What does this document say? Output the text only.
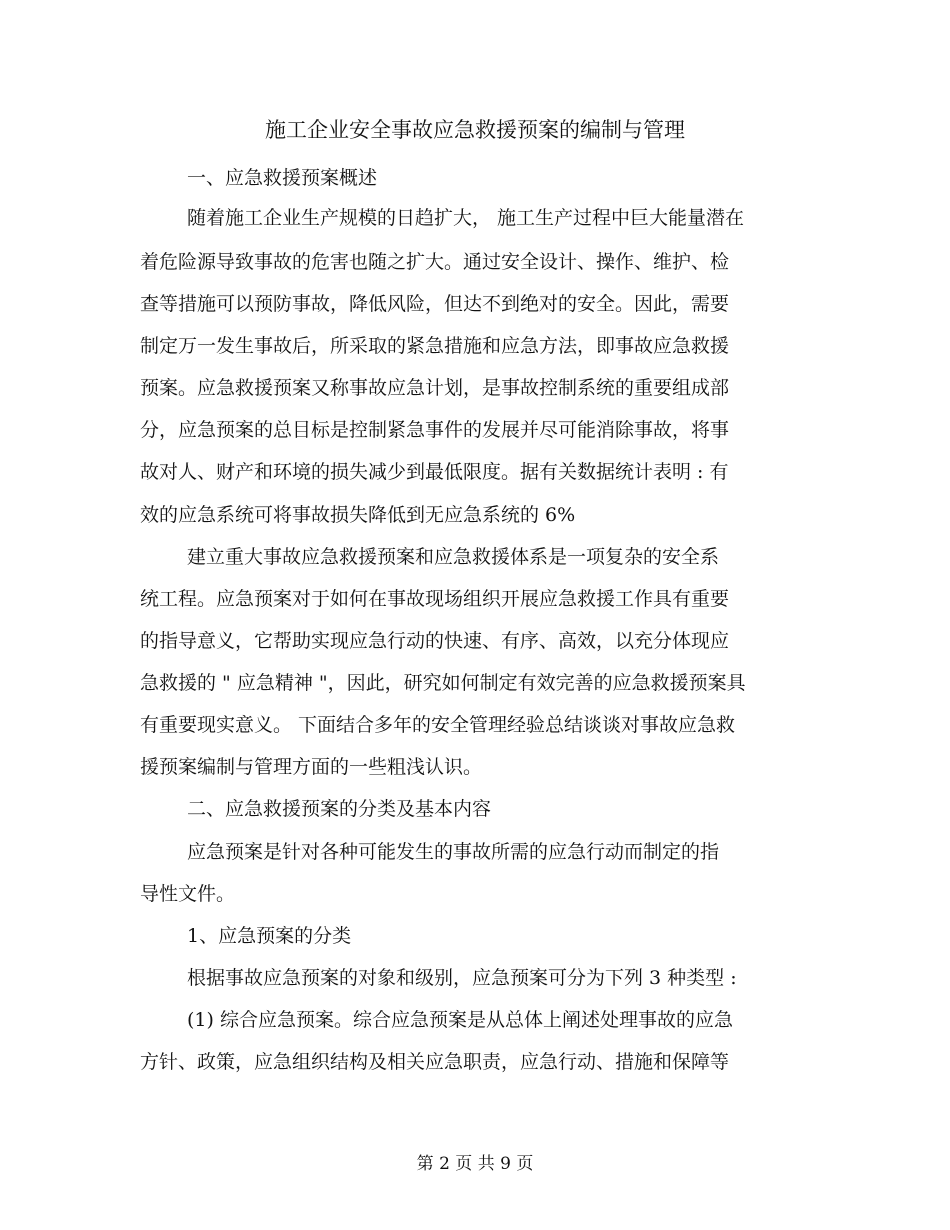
施工企业安全事故应急救援预案的编制与管理
一、应急救援预案概述
随着施工企业生产规模的日趋扩大， 施工生产过程中巨大能量潜在
着危险源导致事故的危害也随之扩大。通过安全设计、操作、维护、检
查等措施可以预防事故，降低风险，但达不到绝对的安全。因此，需要
制定万一发生事故后，所采取的紧急措施和应急方法，即事故应急救援
预案。应急救援预案又称事故应急计划，是事故控制系统的重要组成部
分，应急预案的总目标是控制紧急事件的发展并尽可能消除事故，将事
故对人、财产和环境的损失减少到最低限度。据有关数据统计表明 : 有
效的应急系统可将事故损失降低到无应急系统的 6%
建立重大事故应急救援预案和应急救援体系是一项复杂的安全系
统工程。应急预案对于如何在事故现场组织开展应急救援工作具有重要
的指导意义，它帮助实现应急行动的快速、有序、高效，以充分体现应
急救援的 " 应急精神 "，因此，研究如何制定有效完善的应急救援预案具
有重要现实意义。 下面结合多年的安全管理经验总结谈谈对事故应急救
援预案编制与管理方面的一些粗浅认识。
二、应急救援预案的分类及基本内容
应急预案是针对各种可能发生的事故所需的应急行动而制定的指
导性文件。
1、应急预案的分类
根据事故应急预案的对象和级别，应急预案可分为下列 3 种类型 :
(1) 综合应急预案。综合应急预案是从总体上阐述处理事故的应急
方针、政策，应急组织结构及相关应急职责，应急行动、措施和保障等
第 2 页 共 9 页
